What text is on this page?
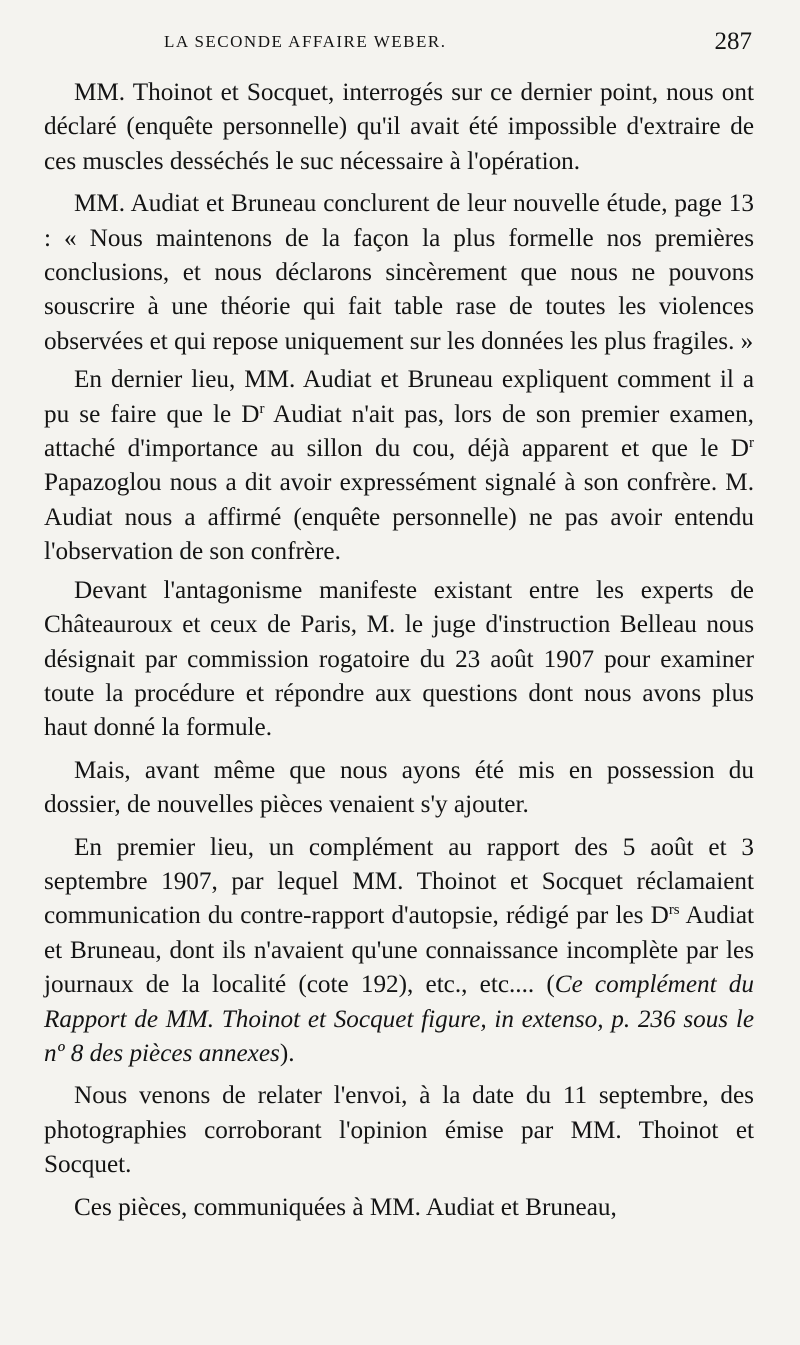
LA SECONDE AFFAIRE WEBER.	287

MM. Thoinot et Socquet, interrogés sur ce dernier point, nous ont déclaré (enquête personnelle) qu'il avait été impossible d'extraire de ces muscles desséchés le suc nécessaire à l'opération.

MM. Audiat et Bruneau conclurent de leur nouvelle étude, page 13 : « Nous maintenons de la façon la plus formelle nos premières conclusions, et nous déclarons sincèrement que nous ne pouvons souscrire à une théorie qui fait table rase de toutes les violences observées et qui repose uniquement sur les données les plus fragiles. »

En dernier lieu, MM. Audiat et Bruneau expliquent comment il a pu se faire que le $D^r$ Audiat n'ait pas, lors de son premier examen, attaché d'importance au sillon du cou, déjà apparent et que le $D^r$ Papazoglou nous a dit avoir expressément signalé à son confrère. M. Audiat nous a affirmé (enquête personnelle) ne pas avoir entendu l'observation de son confrère.

Devant l'antagonisme manifeste existant entre les experts de Châteauroux et ceux de Paris, M. le juge d'instruction Belleau nous désignait par commission rogatoire du 23 août 1907 pour examiner toute la procédure et répondre aux questions dont nous avons plus haut donné la formule.

Mais, avant même que nous ayons été mis en possession du dossier, de nouvelles pièces venaient s'y ajouter.

En premier lieu, un complément au rapport des 5 août et 3 septembre 1907, par lequel MM. Thoinot et Socquet réclamaient communication du contre-rapport d'autopsie, rédigé par les $D^{rs}$ Audiat et Bruneau, dont ils n'avaient qu'une connaissance incomplète par les journaux de la localité (cote 192), etc., etc.... (Ce complément du Rapport de MM. Thoinot et Socquet figure, in extenso, p. 236 sous le nº 8 des pièces annexes).

Nous venons de relater l'envoi, à la date du 11 septembre, des photographies corroborant l'opinion émise par MM. Thoinot et Socquet.

Ces pièces, communiquées à MM. Audiat et Bruneau,
